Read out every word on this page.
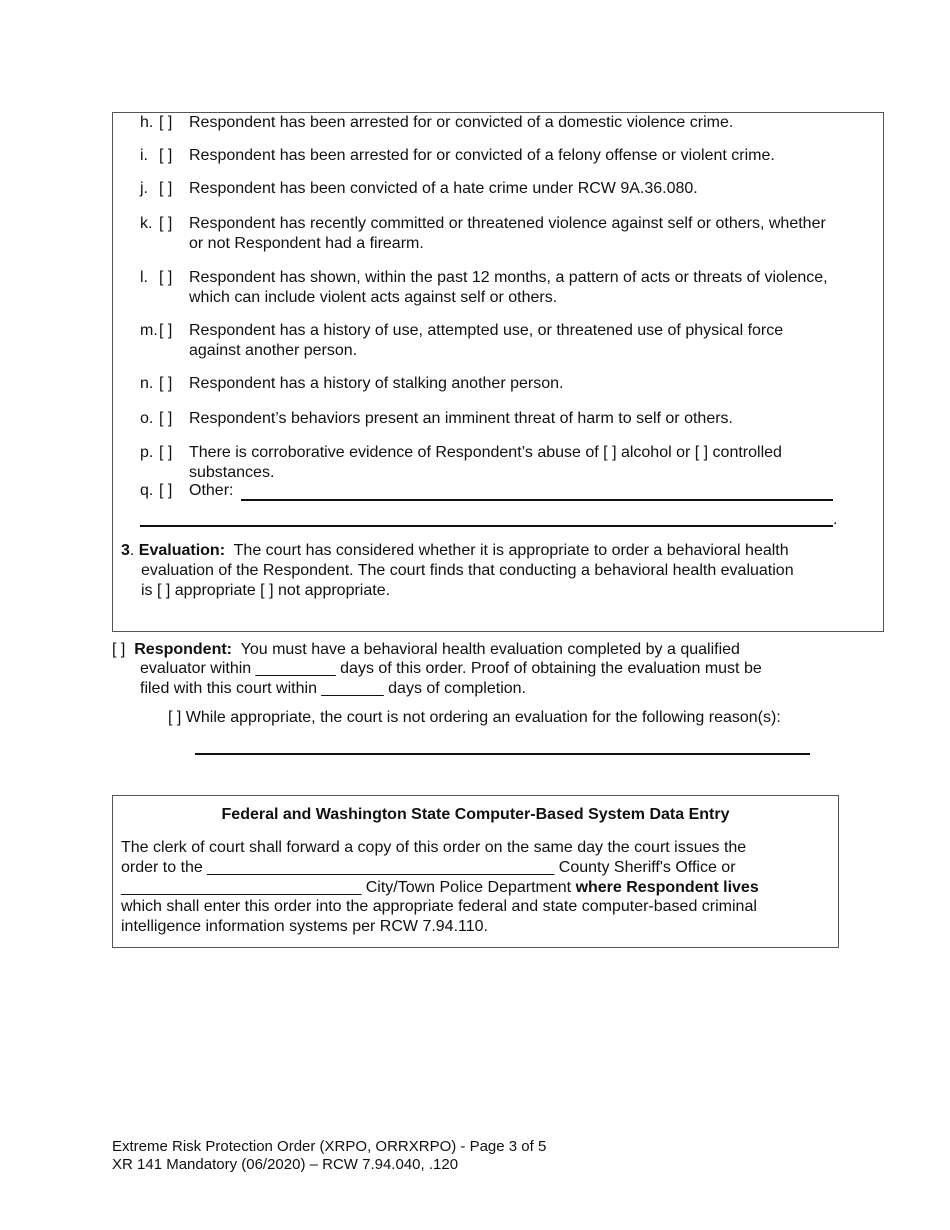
h. [ ] Respondent has been arrested for or convicted of a domestic violence crime.
i. [ ] Respondent has been arrested for or convicted of a felony offense or violent crime.
j. [ ] Respondent has been convicted of a hate crime under RCW 9A.36.080.
k. [ ] Respondent has recently committed or threatened violence against self or others, whether
or not Respondent had a firearm.
l. [ ] Respondent has shown, within the past 12 months, a pattern of acts or threats of violence,
which can include violent acts against self or others.
m. [ ] Respondent has a history of use, attempted use, or threatened use of physical force
against another person.
n. [ ] Respondent has a history of stalking another person.
o. [ ] Respondent’s behaviors present an imminent threat of harm to self or others.
p. [ ] There is corroborative evidence of Respondent’s abuse of [ ] alcohol or [ ] controlled
substances.
q. [ ] Other:
.
3. Evaluation: The court has considered whether it is appropriate to order a behavioral health
evaluation of the Respondent. The court finds that conducting a behavioral health evaluation
is [ ] appropriate [ ] not appropriate.
[ ] Respondent: You must have a behavioral health evaluation completed by a qualified
evaluator within _________ days of this order. Proof of obtaining the evaluation must be
filed with this court within _______ days of completion.
[ ] While appropriate, the court is not ordering an evaluation for the following reason(s):
Federal and Washington State Computer-Based System Data Entry
The clerk of court shall forward a copy of this order on the same day the court issues the
order to the _______________________________________ County Sheriff's Office or
___________________________ City/Town Police Department where Respondent lives
which shall enter this order into the appropriate federal and state computer-based criminal
intelligence information systems per RCW 7.94.110.
Extreme Risk Protection Order (XRPO, ORRXRPO) - Page 3 of 5
XR 141 Mandatory (06/2020) – RCW 7.94.040, .120
